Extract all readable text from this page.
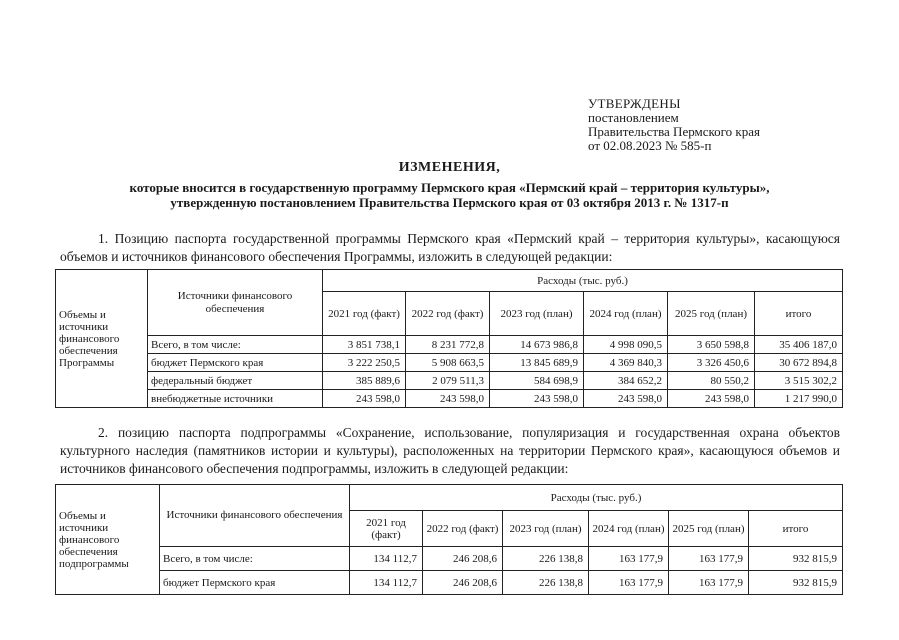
УТВЕРЖДЕНЫ
постановлением
Правительства Пермского края
от 02.08.2023 № 585-п
ИЗМЕНЕНИЯ,
которые вносится в государственную программу Пермского края «Пермский край – территория культуры»,
утвержденную постановлением Правительства Пермского края от 03 октября 2013 г. № 1317-п
1. Позицию паспорта государственной программы Пермского края «Пермский край – территория культуры», касающуюся объемов и источников финансового обеспечения Программы, изложить в следующей редакции:
Объемы и источники финансового обеспечения Программы	Источники финансового обеспечения	Расходы (тыс. руб.)					
		2021 год (факт)	2022 год (факт)	2023 год (план)	2024 год (план)	2025 год (план)	итого
	Всего, в том числе:	3 851 738,1	8 231 772,8	14 673 986,8	4 998 090,5	3 650 598,8	35 406 187,0
	бюджет Пермского края	3 222 250,5	5 908 663,5	13 845 689,9	4 369 840,3	3 326 450,6	30 672 894,8
	федеральный бюджет	385 889,6	2 079 511,3	584 698,9	384 652,2	80 550,2	3 515 302,2
	внебюджетные источники	243 598,0	243 598,0	243 598,0	243 598,0	243 598,0	1 217 990,0
2. позицию паспорта подпрограммы «Сохранение, использование, популяризация и государственная охрана объектов культурного наследия (памятников истории и культуры), расположенных на территории Пермского края», касающуюся объемов и источников финансового обеспечения подпрограммы, изложить в следующей редакции:
Объемы и источники финансового обеспечения подпрограммы	Источники финансового обеспечения	Расходы (тыс. руб.)					
		2021 год (факт)	2022 год (факт)	2023 год (план)	2024 год (план)	2025 год (план)	итого
	Всего, в том числе:	134 112,7	246 208,6	226 138,8	163 177,9	163 177,9	932 815,9
	бюджет Пермского края	134 112,7	246 208,6	226 138,8	163 177,9	163 177,9	932 815,9
